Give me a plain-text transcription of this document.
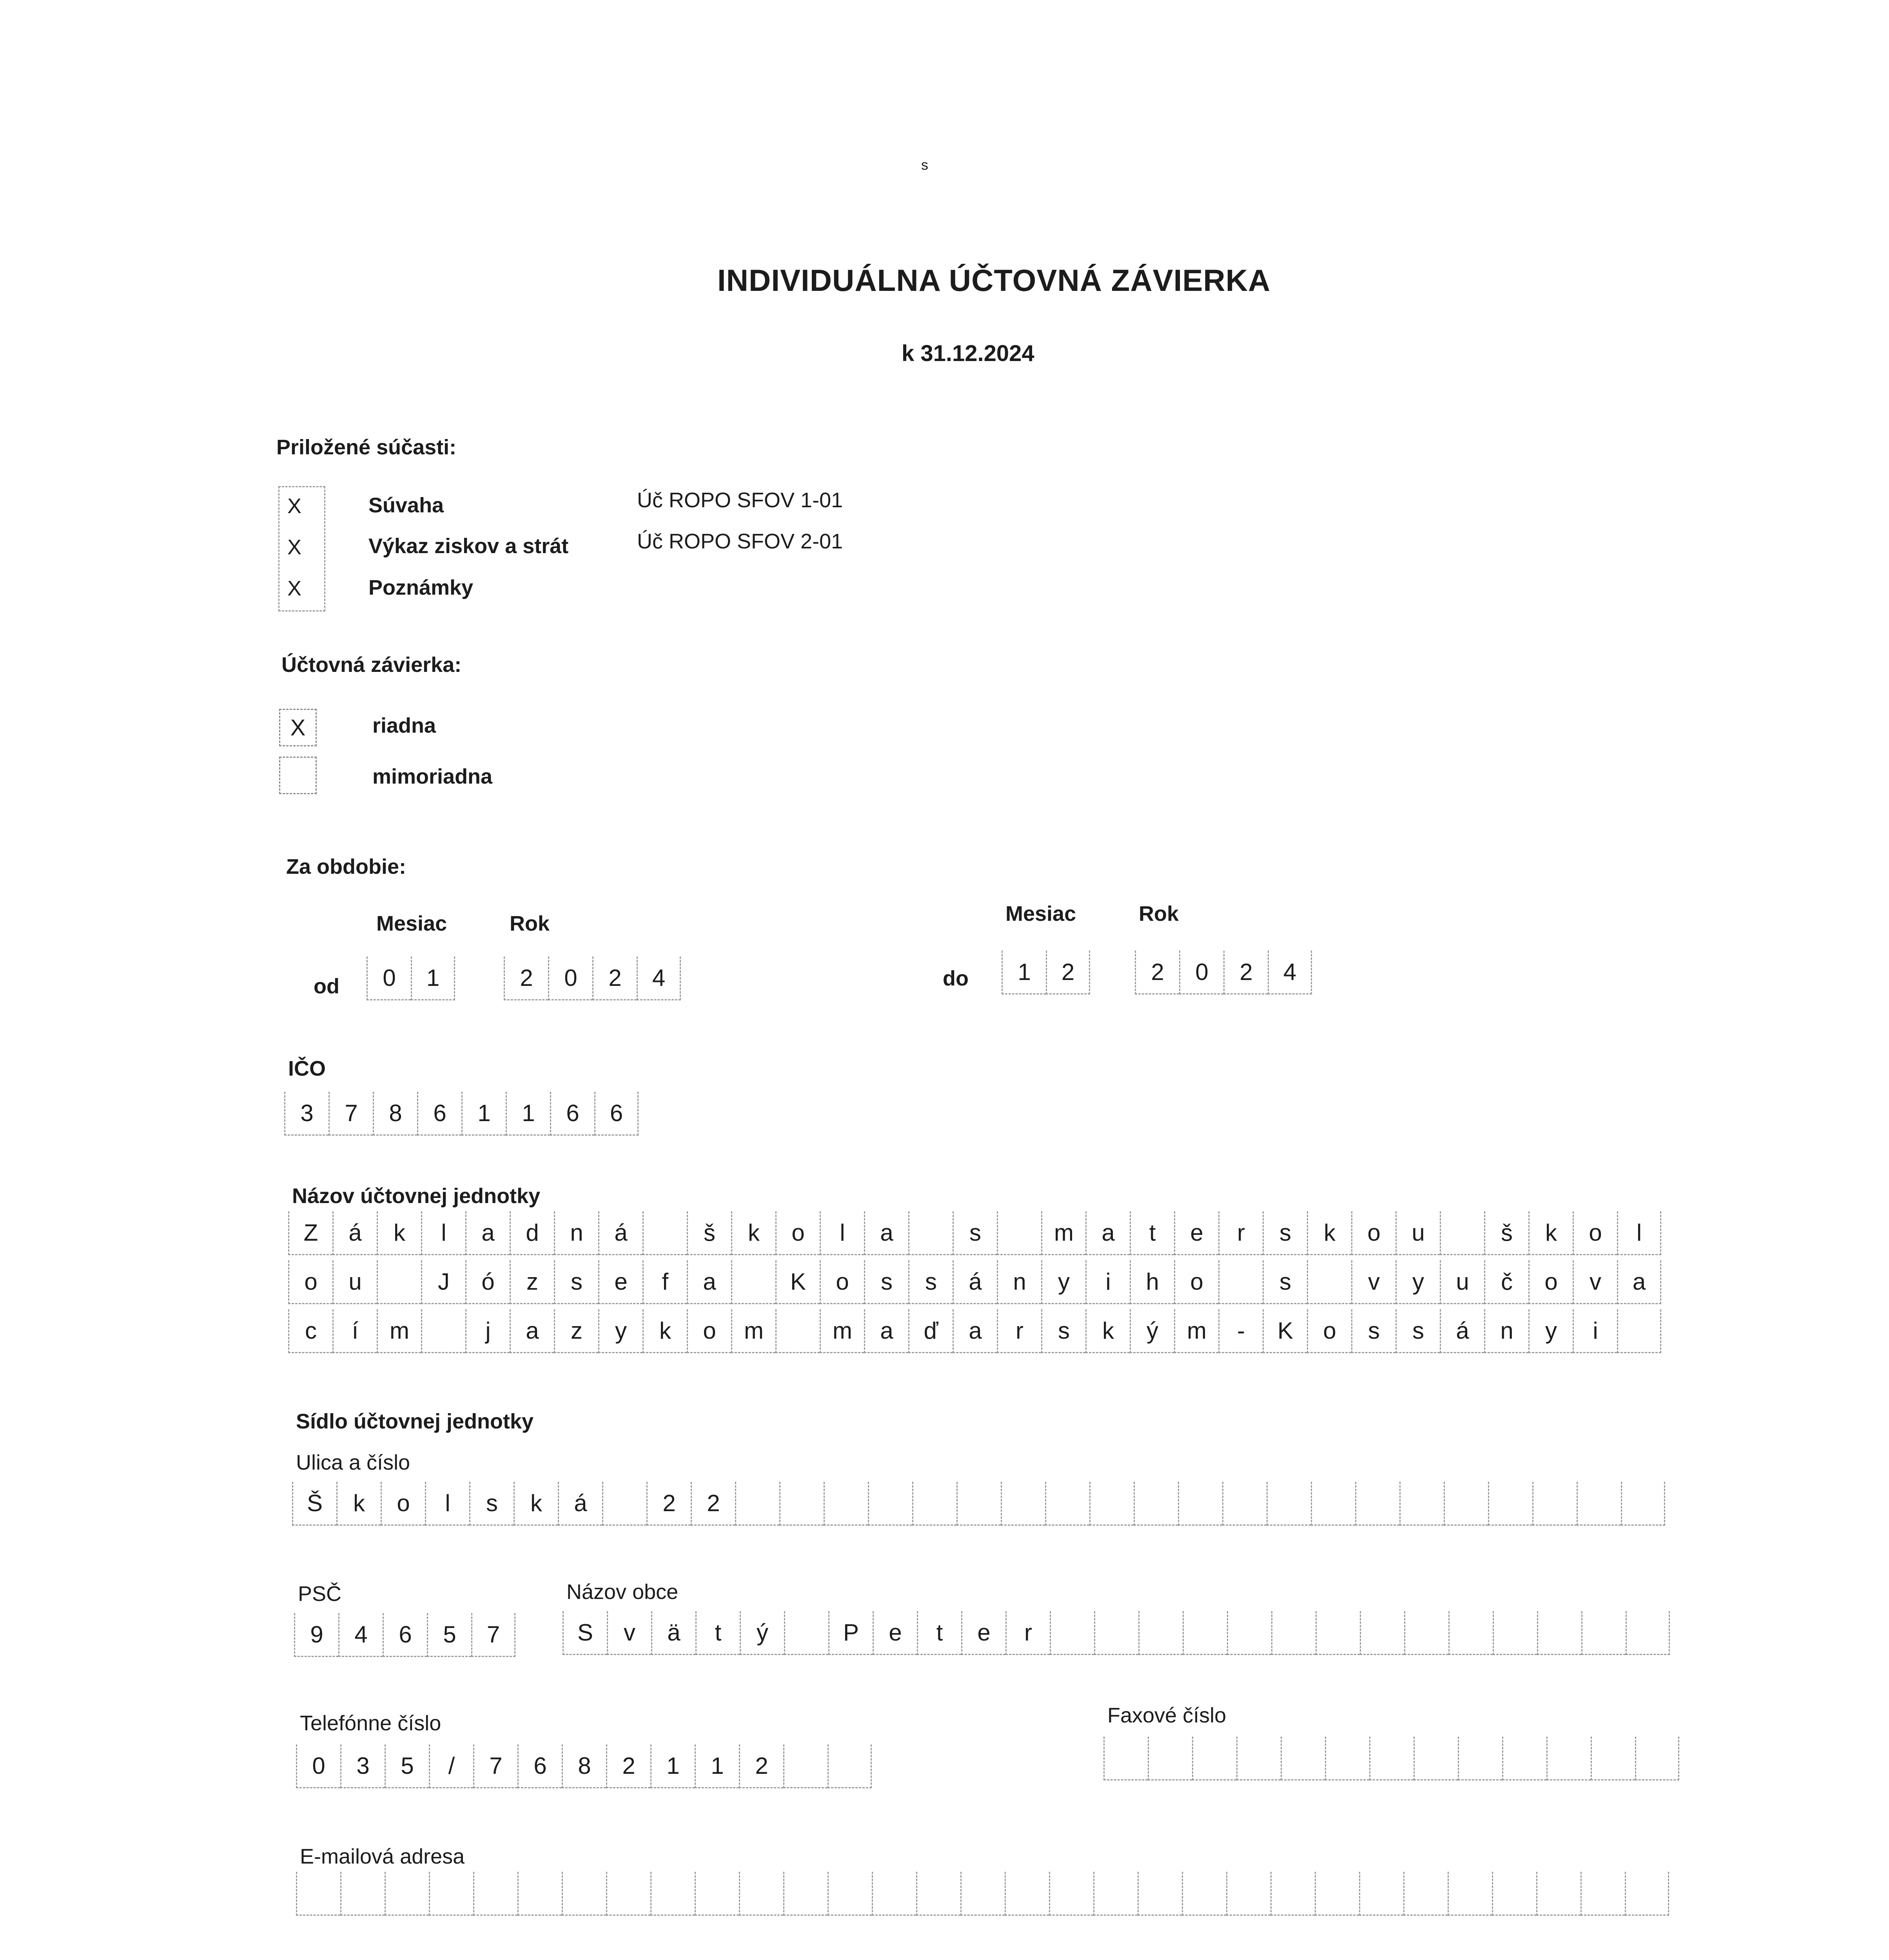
s
INDIVIDUÁLNA ÚČTOVNÁ ZÁVIERKA
k 31.12.2024
Priložené súčasti:
X	Súvaha	Úč ROPO SFOV 1-01
X	Výkaz ziskov a strát	Úč ROPO SFOV 2-01
X	Poznámky
Účtovná závierka:
X	riadna
mimoriadna
Za obdobie:
Mesiac	Rok
od	0	1	2	0	2	4
Mesiac	Rok
do	1	2	2	0	2	4
IČO
3	7	8	6	1	1	6	6
Názov účtovnej jednotky
Z	á	k	l	a	d	n	á	š	k	o	l	a	s	m	a	t	e	r	s	k	o	u	š	k	o	l
o	u	J	ó	z	s	e	f	a	K	o	s	s	á	n	y	i	h	o	s	v	y	u	č	o	v	a
c	í	m	j	a	z	y	k	o	m	m	a	ď	a	r	s	k	ý	m	-	K	o	s	s	á	n	y	i
Sídlo účtovnej jednotky
Ulica a číslo
Š	k	o	l	s	k	á	2	2
PSČ
9	4	6	5	7
Názov obce
S	v	ä	t	ý	P	e	t	e	r
Telefónne číslo
0	3	5	/	7	6	8	2	1	1	2
Faxové číslo
E-mailová adresa
